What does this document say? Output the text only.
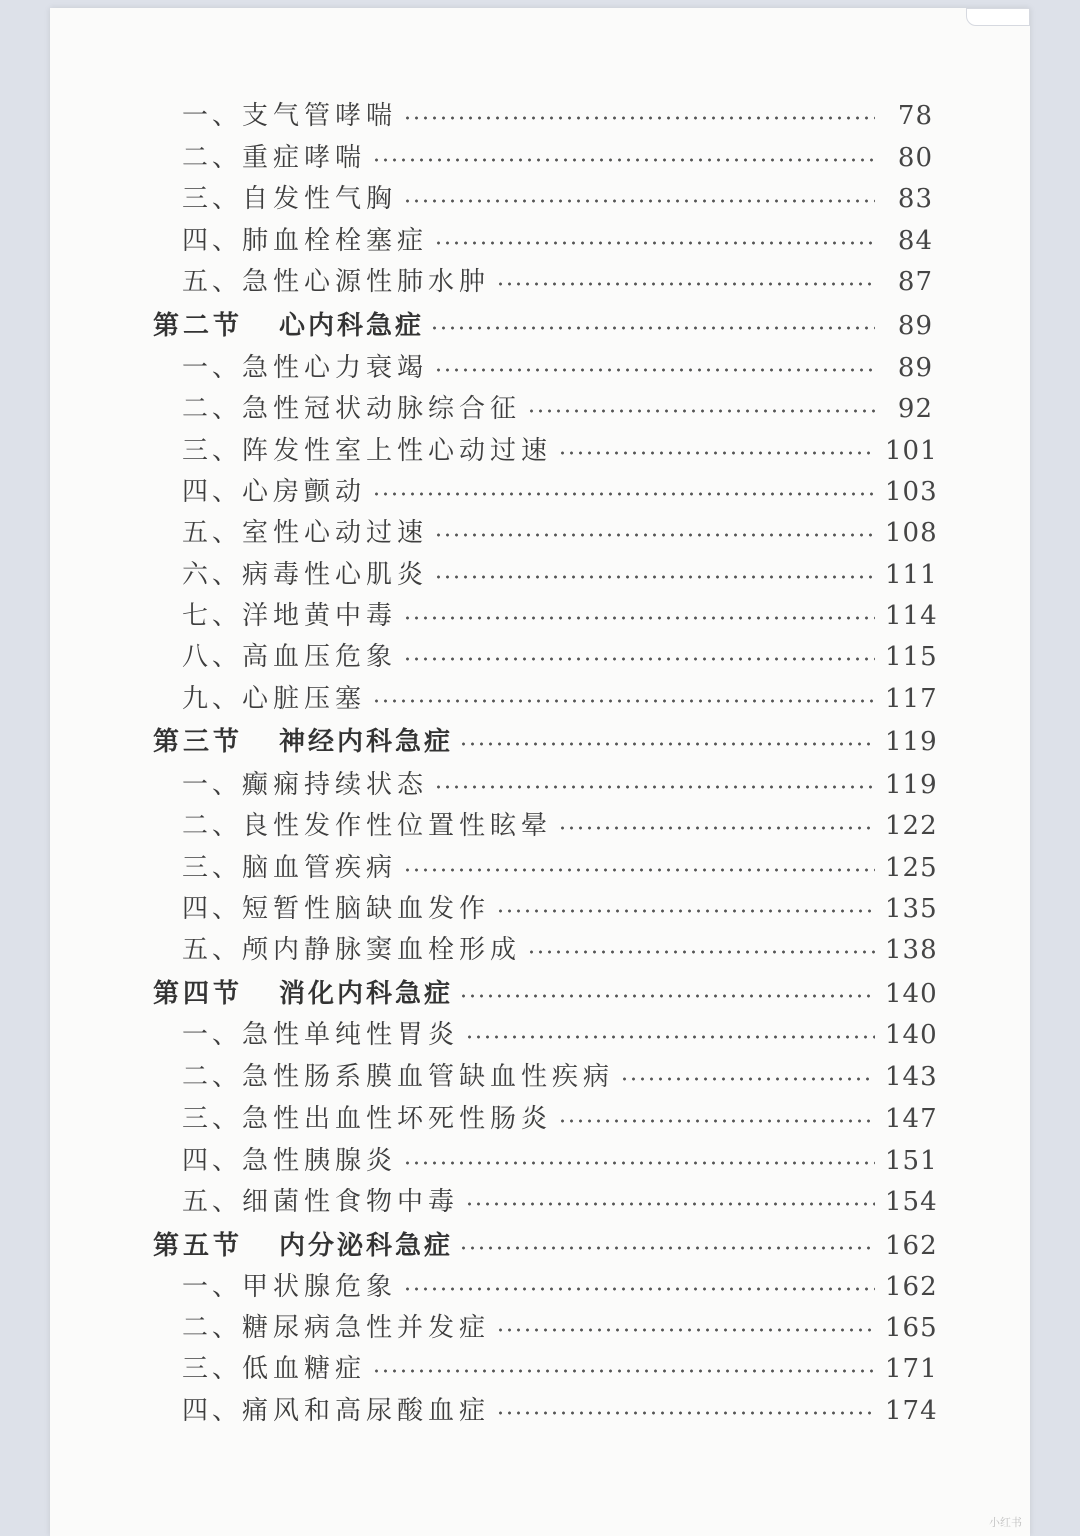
一、 支气管哮喘	78
二、 重症哮喘	80
三、 自发性气胸	83
四、 肺血栓栓塞症	84
五、 急性心源性肺水肿	87
第二节 心内科急症	89
一、 急性心力衰竭	89
二、 急性冠状动脉综合征	92
三、 阵发性室上性心动过速	101
四、 心房颤动	103
五、 室性心动过速	108
六、 病毒性心肌炎	111
七、 洋地黄中毒	114
八、 高血压危象	115
九、 心脏压塞	117
第三节 神经内科急症	119
一、 癫痫持续状态	119
二、 良性发作性位置性眩晕	122
三、 脑血管疾病	125
四、 短暂性脑缺血发作	135
五、 颅内静脉窦血栓形成	138
第四节 消化内科急症	140
一、 急性单纯性胃炎	140
二、 急性肠系膜血管缺血性疾病	143
三、 急性出血性坏死性肠炎	147
四、 急性胰腺炎	151
五、 细菌性食物中毒	154
第五节 内分泌科急症	162
一、 甲状腺危象	162
二、 糖尿病急性并发症	165
三、 低血糖症	171
四、 痛风和高尿酸血症	174
小红书
